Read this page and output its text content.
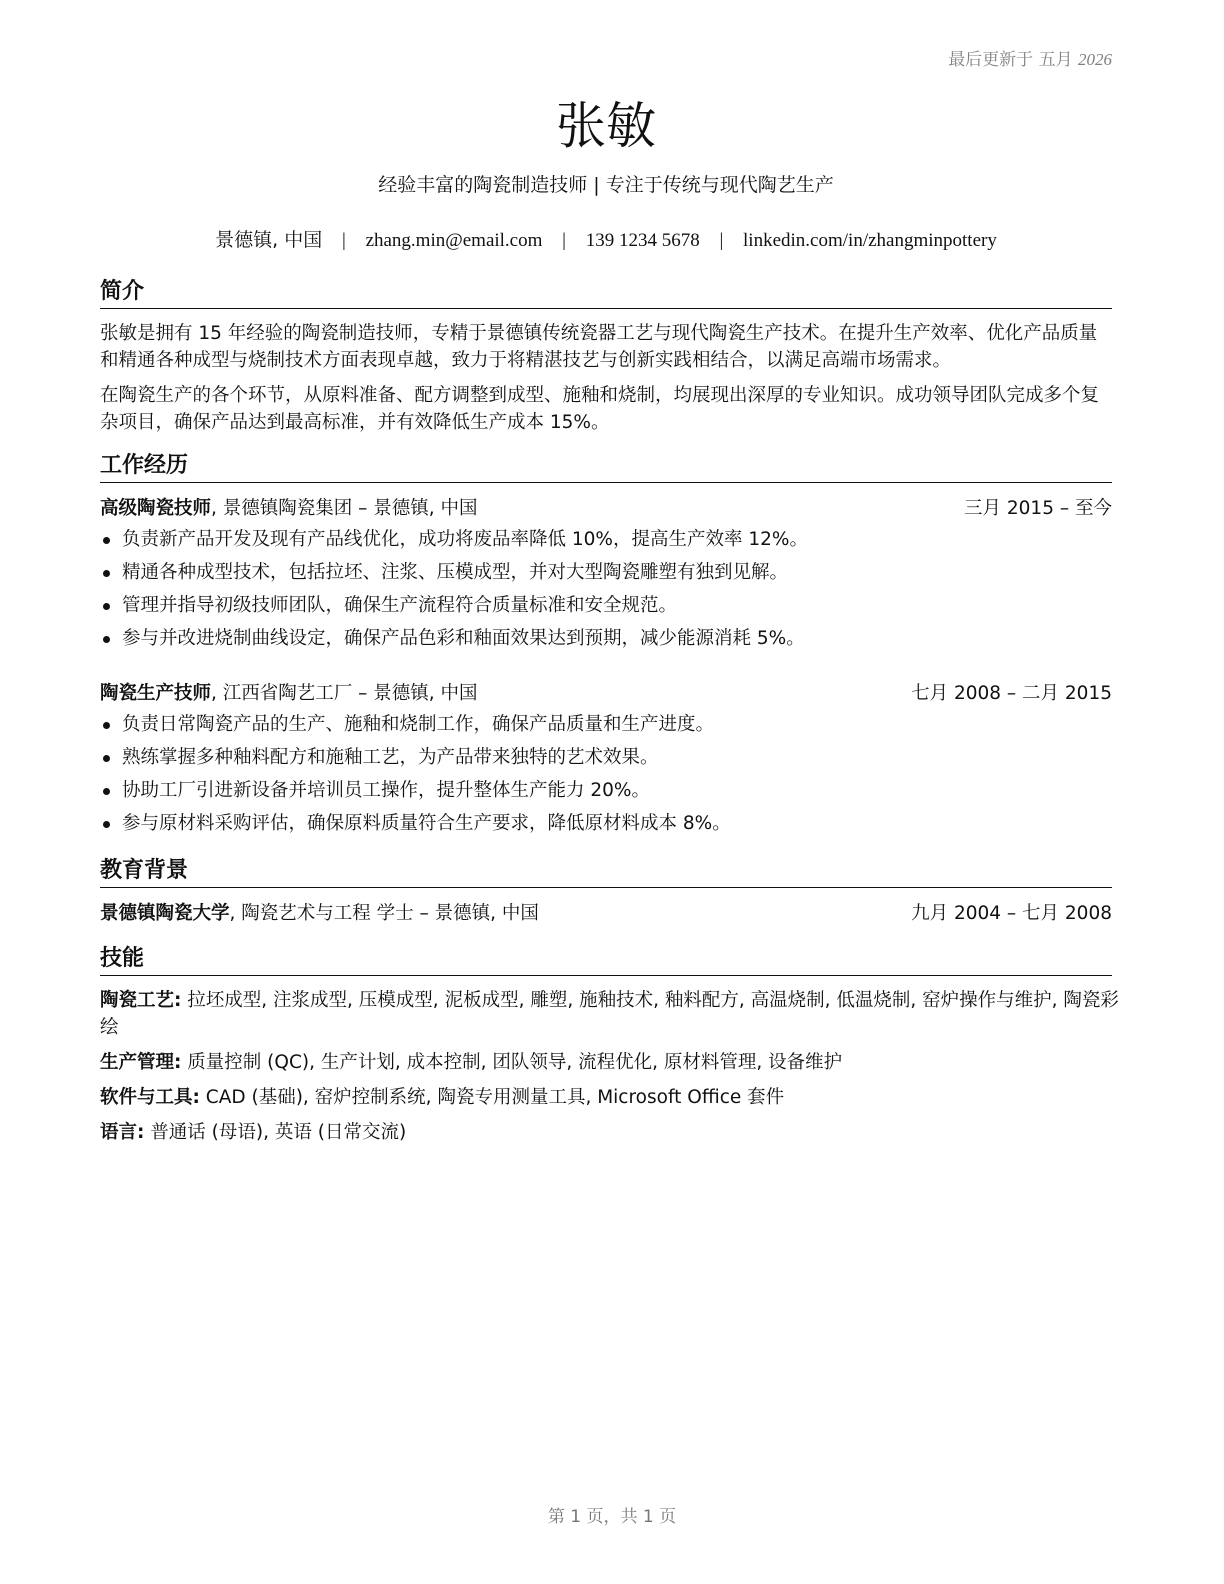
最后更新于 五月 2026
张敏
经验丰富的陶瓷制造技师 | 专注于传统与现代陶艺生产
景德镇, 中国 | zhang.min@email.com | 139 1234 5678 | linkedin.com/in/zhangminpottery
简介
张敏是拥有 15 年经验的陶瓷制造技师，专精于景德镇传统瓷器工艺与现代陶瓷生产技术。在提升生产效率、优化产品质量和精通各种成型与烧制技术方面表现卓越，致力于将精湛技艺与创新实践相结合，以满足高端市场需求。
在陶瓷生产的各个环节，从原料准备、配方调整到成型、施釉和烧制，均展现出深厚的专业知识。成功领导团队完成多个复杂项目，确保产品达到最高标准，并有效降低生产成本 15%。
工作经历
高级陶瓷技师, 景德镇陶瓷集团 – 景德镇, 中国	三月 2015 – 至今
负责新产品开发及现有产品线优化，成功将废品率降低 10%，提高生产效率 12%。
精通各种成型技术，包括拉坯、注浆、压模成型，并对大型陶瓷雕塑有独到见解。
管理并指导初级技师团队，确保生产流程符合质量标准和安全规范。
参与并改进烧制曲线设定，确保产品色彩和釉面效果达到预期，减少能源消耗 5%。
陶瓷生产技师, 江西省陶艺工厂 – 景德镇, 中国	七月 2008 – 二月 2015
负责日常陶瓷产品的生产、施釉和烧制工作，确保产品质量和生产进度。
熟练掌握多种釉料配方和施釉工艺，为产品带来独特的艺术效果。
协助工厂引进新设备并培训员工操作，提升整体生产能力 20%。
参与原材料采购评估，确保原料质量符合生产要求，降低原材料成本 8%。
教育背景
景德镇陶瓷大学, 陶瓷艺术与工程 学士 – 景德镇, 中国	九月 2004 – 七月 2008
技能
陶瓷工艺: 拉坯成型, 注浆成型, 压模成型, 泥板成型, 雕塑, 施釉技术, 釉料配方, 高温烧制, 低温烧制, 窑炉操作与维护, 陶瓷彩绘
生产管理: 质量控制 (QC), 生产计划, 成本控制, 团队领导, 流程优化, 原材料管理, 设备维护
软件与工具: CAD (基础), 窑炉控制系统, 陶瓷专用测量工具, Microsoft Office 套件
语言: 普通话 (母语), 英语 (日常交流)
第 1 页，共 1 页
